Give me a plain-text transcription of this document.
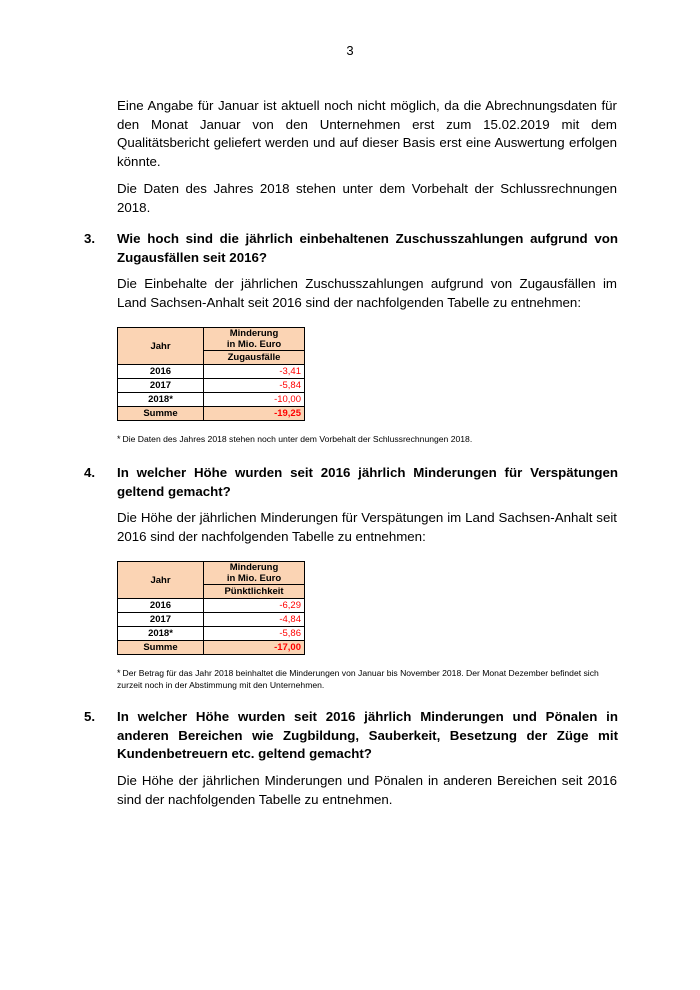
3
Eine Angabe für Januar ist aktuell noch nicht möglich, da die Abrechnungsdaten für den Monat Januar von den Unternehmen erst zum 15.02.2019 mit dem Qualitätsbericht geliefert werden und auf dieser Basis erst eine Auswertung erfolgen könnte.
Die Daten des Jahres 2018 stehen unter dem Vorbehalt der Schlussrechnungen 2018.
3. Wie hoch sind die jährlich einbehaltenen Zuschusszahlungen aufgrund von Zugausfällen seit 2016?
Die Einbehalte der jährlichen Zuschusszahlungen aufgrund von Zugausfällen im Land Sachsen-Anhalt seit 2016 sind der nachfolgenden Tabelle zu entnehmen:
Jahr	Minderung
in Mio. Euro
	Zugausfälle
2016	-3,41
2017	-5,84
2018*	-10,00
Summe	-19,25
* Die Daten des Jahres 2018 stehen noch unter dem Vorbehalt der Schlussrechnungen 2018.
4. In welcher Höhe wurden seit 2016 jährlich Minderungen für Verspätungen geltend gemacht?
Die Höhe der jährlichen Minderungen für Verspätungen im Land Sachsen-Anhalt seit 2016 sind der nachfolgenden Tabelle zu entnehmen:
Jahr	Minderung
in Mio. Euro
	Pünktlichkeit
2016	-6,29
2017	-4,84
2018*	-5,86
Summe	-17,00
* Der Betrag für das Jahr 2018 beinhaltet die Minderungen von Januar bis November 2018. Der Monat Dezember befindet sich zurzeit noch in der Abstimmung mit den Unternehmen.
5. In welcher Höhe wurden seit 2016 jährlich Minderungen und Pönalen in anderen Bereichen wie Zugbildung, Sauberkeit, Besetzung der Züge mit Kundenbetreuern etc. geltend gemacht?
Die Höhe der jährlichen Minderungen und Pönalen in anderen Bereichen seit 2016 sind der nachfolgenden Tabelle zu entnehmen.
